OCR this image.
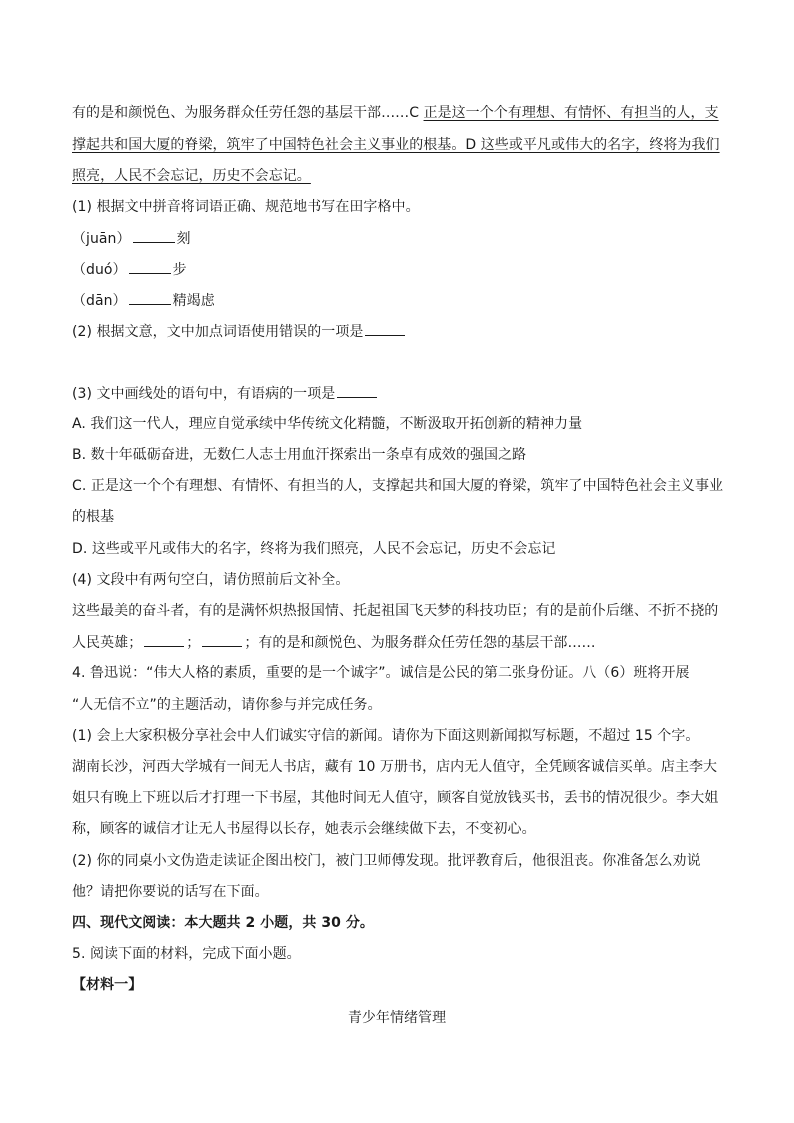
有的是和颜悦色、为服务群众任劳任怨的基层干部……C 正是这一个个有理想、有情怀、有担当的人，支
撑起共和国大厦的脊梁，筑牢了中国特色社会主义事业的根基。D 这些或平凡或伟大的名字，终将为我们
照亮，人民不会忘记，历史不会忘记。
(1) 根据文中拼音将词语正确、规范地书写在田字格中。
（juān）	刻
（duó）	步
（dān）	精竭虑
(2) 根据文意，文中加点词语使用错误的一项是
(3) 文中画线处的语句中，有语病的一项是
A. 我们这一代人，理应自觉承续中华传统文化精髓，不断汲取开拓创新的精神力量
B. 数十年砥砺奋进，无数仁人志士用血汗探索出一条卓有成效的强国之路
C. 正是这一个个有理想、有情怀、有担当的人，支撑起共和国大厦的脊梁，筑牢了中国特色社会主义事业
的根基
D. 这些或平凡或伟大的名字，终将为我们照亮，人民不会忘记，历史不会忘记
(4) 文段中有两句空白，请仿照前后文补全。
这些最美的奋斗者，有的是满怀炽热报国情、托起祖国飞天梦的科技功臣；有的是前仆后继、不折不挠的
人民英雄；	；	；有的是和颜悦色、为服务群众任劳任怨的基层干部……
4. 鲁迅说：“伟大人格的素质，重要的是一个诚字”。诚信是公民的第二张身份证。八（6）班将开展
“人无信不立”的主题活动，请你参与并完成任务。
(1) 会上大家积极分享社会中人们诚实守信的新闻。请你为下面这则新闻拟写标题，不超过 15 个字。
湖南长沙，河西大学城有一间无人书店，藏有 10 万册书，店内无人值守，全凭顾客诚信买单。店主李大
姐只有晚上下班以后才打理一下书屋，其他时间无人值守，顾客自觉放钱买书，丢书的情况很少。李大姐
称，顾客的诚信才让无人书屋得以长存，她表示会继续做下去，不变初心。
(2) 你的同桌小文伪造走读证企图出校门，被门卫师傅发现。批评教育后，他很沮丧。你准备怎么劝说
他？请把你要说的话写在下面。
四、现代文阅读：本大题共 2 小题，共 30 分。
5. 阅读下面的材料，完成下面小题。
【材料一】
青少年情绪管理
